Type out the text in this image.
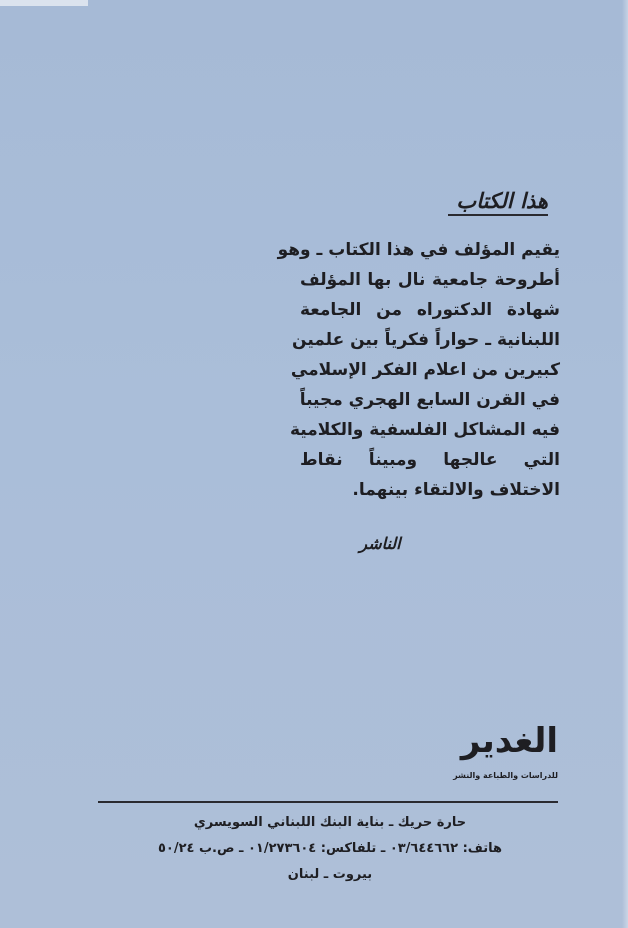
هذا الكتاب
يقيم المؤلف في هذا الكتاب ـ وهو
أطروحة جامعية نال بها المؤلف
شهادة الدكتوراه من الجامعة
اللبنانية ـ حواراً فكرياً بين علمين
كبيرين من اعلام الفكر الإسلامي
في القرن السابع الهجري مجيباً
فيه المشاكل الفلسفية والكلامية
التي عالجها ومبيناً نقاط
الاختلاف والالتقاء بينهما.
الناشر
الغدير
للدراسات والطباعة والنشر
حارة حريك ـ بناية البنك اللبناني السويسري
هاتف: ٠٣/٦٤٤٦٦٢ ـ تلفاكس: ٠١/٢٧٣٦٠٤ ـ ص.ب ٥٠/٢٤
بيروت ـ لبنان
